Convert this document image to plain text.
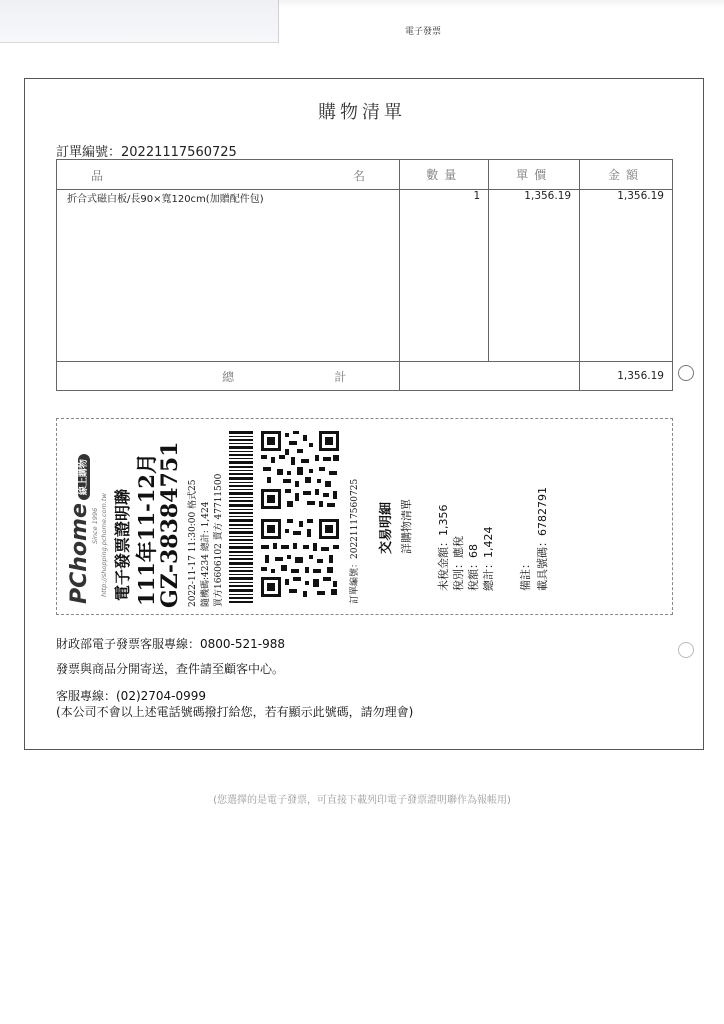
電子發票
購物清單
訂單編號：20221117560725
品 名	數量	單價	金額
折合式磁白板/長90×寬120cm(加贈配件包)	1	1,356.19	1,356.19
總	計		1,356.19
PChome線上購物
Since 1996 http://shopping.pchome.com.tw 電子發票證明聯 111年11-12月
GZ-38384751 2022-11-17 11:30:00 格式25 隨機碼:4234 總計: 1,424 買方16606102 賣方 47711500	訂單編號：20221117560725	交易明細 詳購物清單 未稅金額：1,356 稅別：應稅 稅額：68 總計：1,424 備註： 載具號碼：6782791
財政部電子發票客服專線：0800-521-988
發票與商品分開寄送，查件請至顧客中心。
客服專線：(02)2704-0999
(本公司不會以上述電話號碼撥打給您，若有顯示此號碼，請勿理會)
(您選擇的是電子發票，可直接下載列印電子發票證明聯作為報帳用)
